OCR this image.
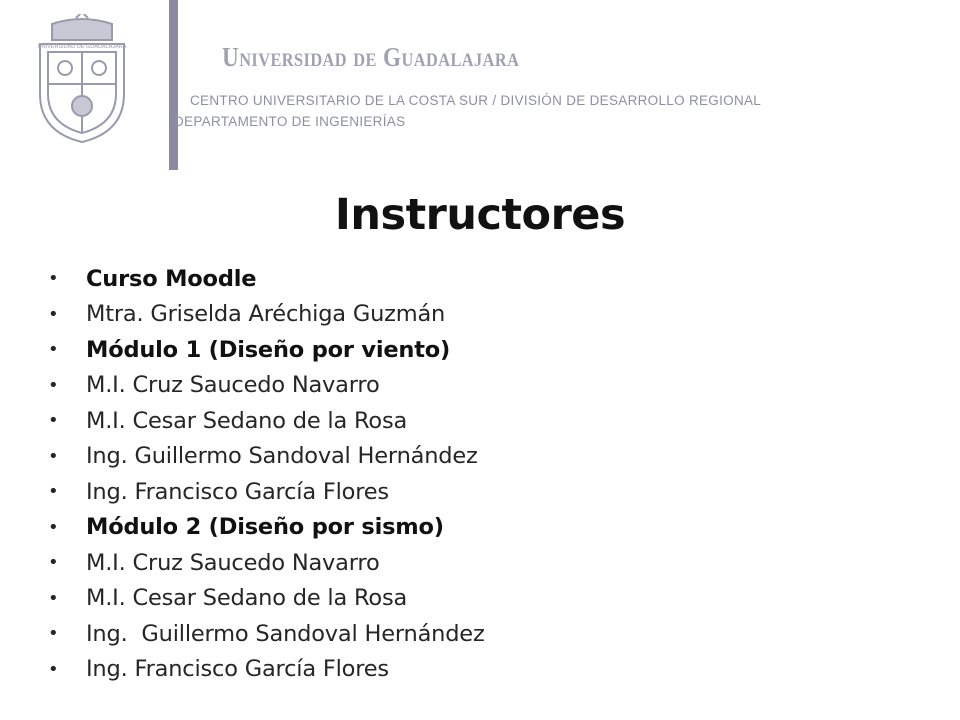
UNIVERSIDAD DE GUADALAJARA	Universidad de Guadalajara

CENTRO UNIVERSITARIO DE LA COSTA SUR / DIVISIÓN DE DESARROLLO REGIONAL

DEPARTAMENTO DE INGENIERÍAS

Instructores
•	Curso Moodle
•	Mtra. Griselda Aréchiga Guzmán
•	Módulo 1 (Diseño por viento)
•	M.I. Cruz Saucedo Navarro
•	M.I. Cesar Sedano de la Rosa
•	Ing. Guillermo Sandoval Hernández
•	Ing. Francisco García Flores
•	Módulo 2 (Diseño por sismo)
•	M.I. Cruz Saucedo Navarro
•	M.I. Cesar Sedano de la Rosa
•	Ing.  Guillermo Sandoval Hernández
•	Ing. Francisco García Flores
